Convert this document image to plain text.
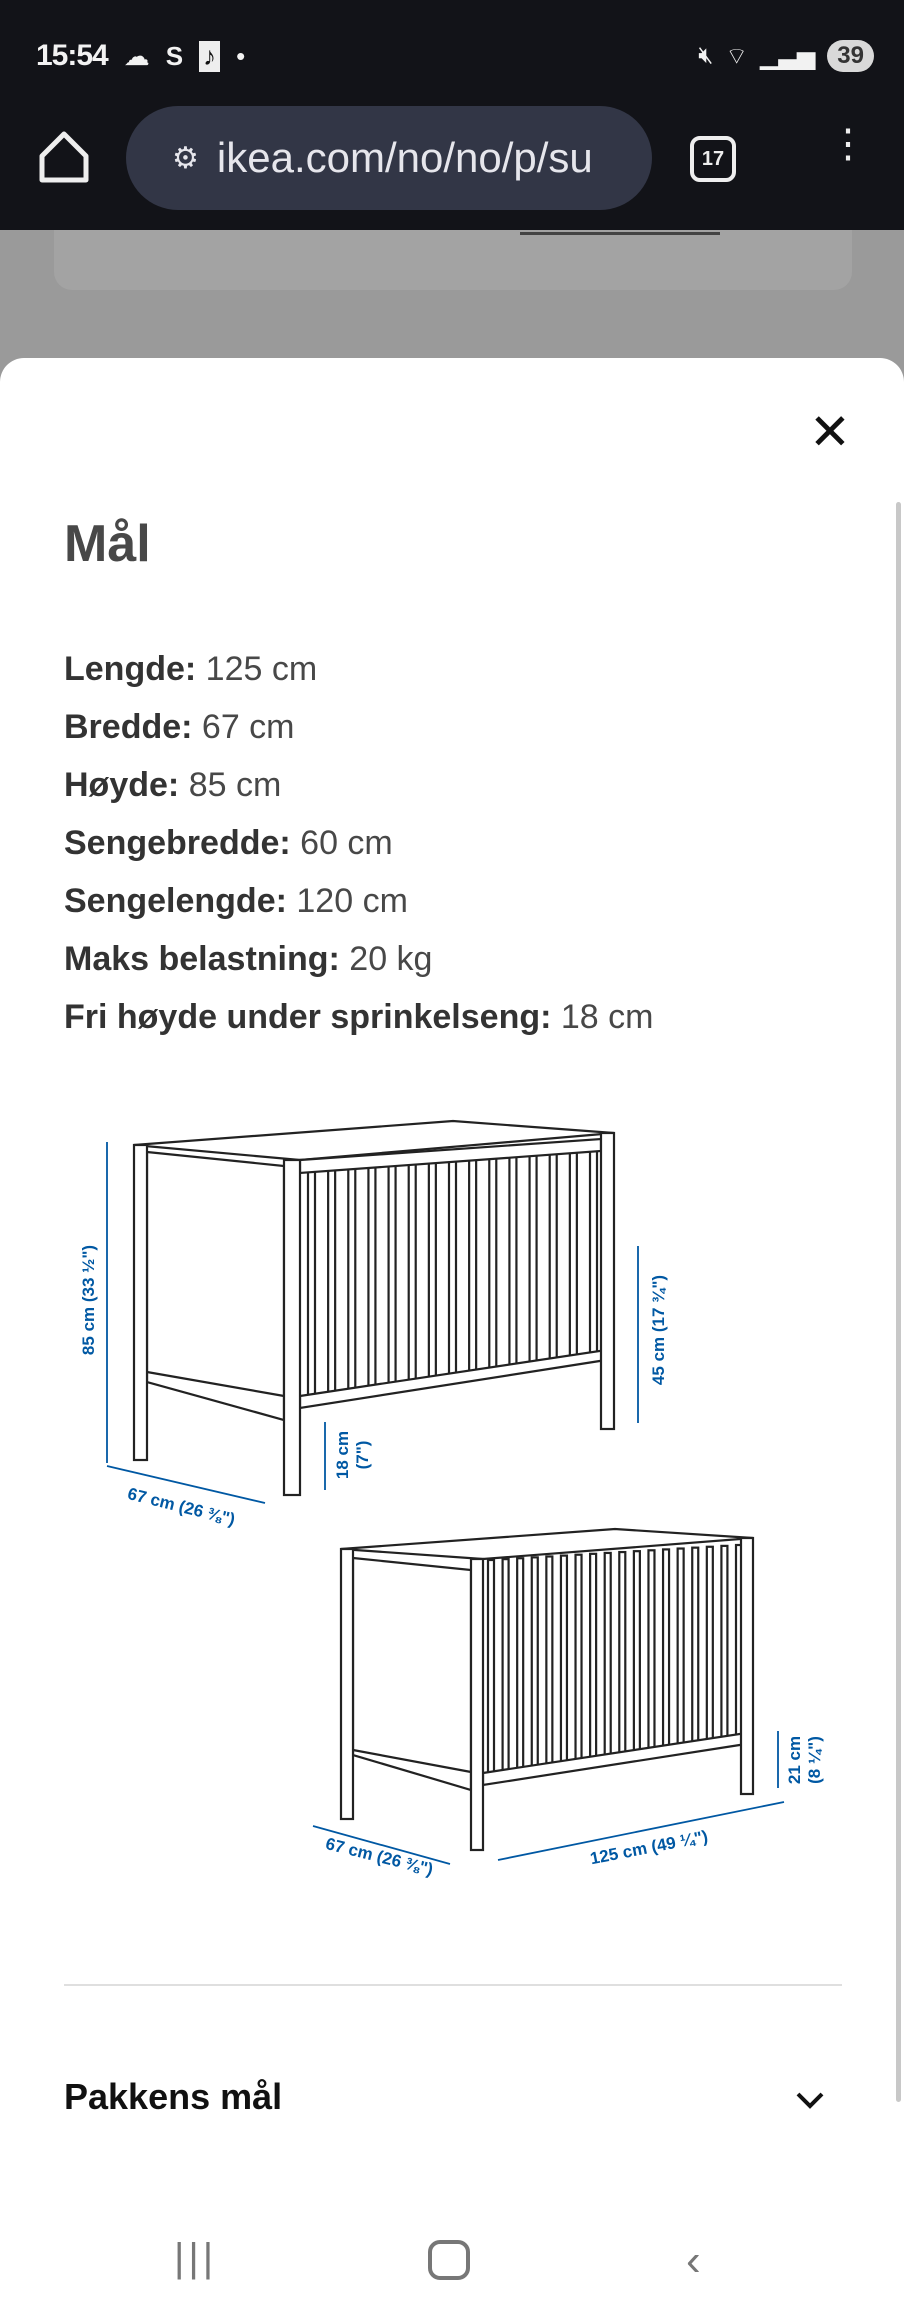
15:54 ☁ S ♪ •	🔇︎ ⌔ ▁▃▅ 39
⚙ ikea.com/no/no/p/su	17	⋮
✕
Mål
Lengde: 125 cm
Bredde: 67 cm
Høyde: 85 cm
Sengebredde: 60 cm
Sengelengde: 120 cm
Maks belastning: 20 kg
Fri høyde under sprinkelseng: 18 cm
85 cm (33 ½")
67 cm (26 ⅜")
18 cm (7")
45 cm (17 ¾")
21 cm (8 ¼")
67 cm (26 ⅜")	125 cm (49 ¼")
Pakkens mål
|||	‹
